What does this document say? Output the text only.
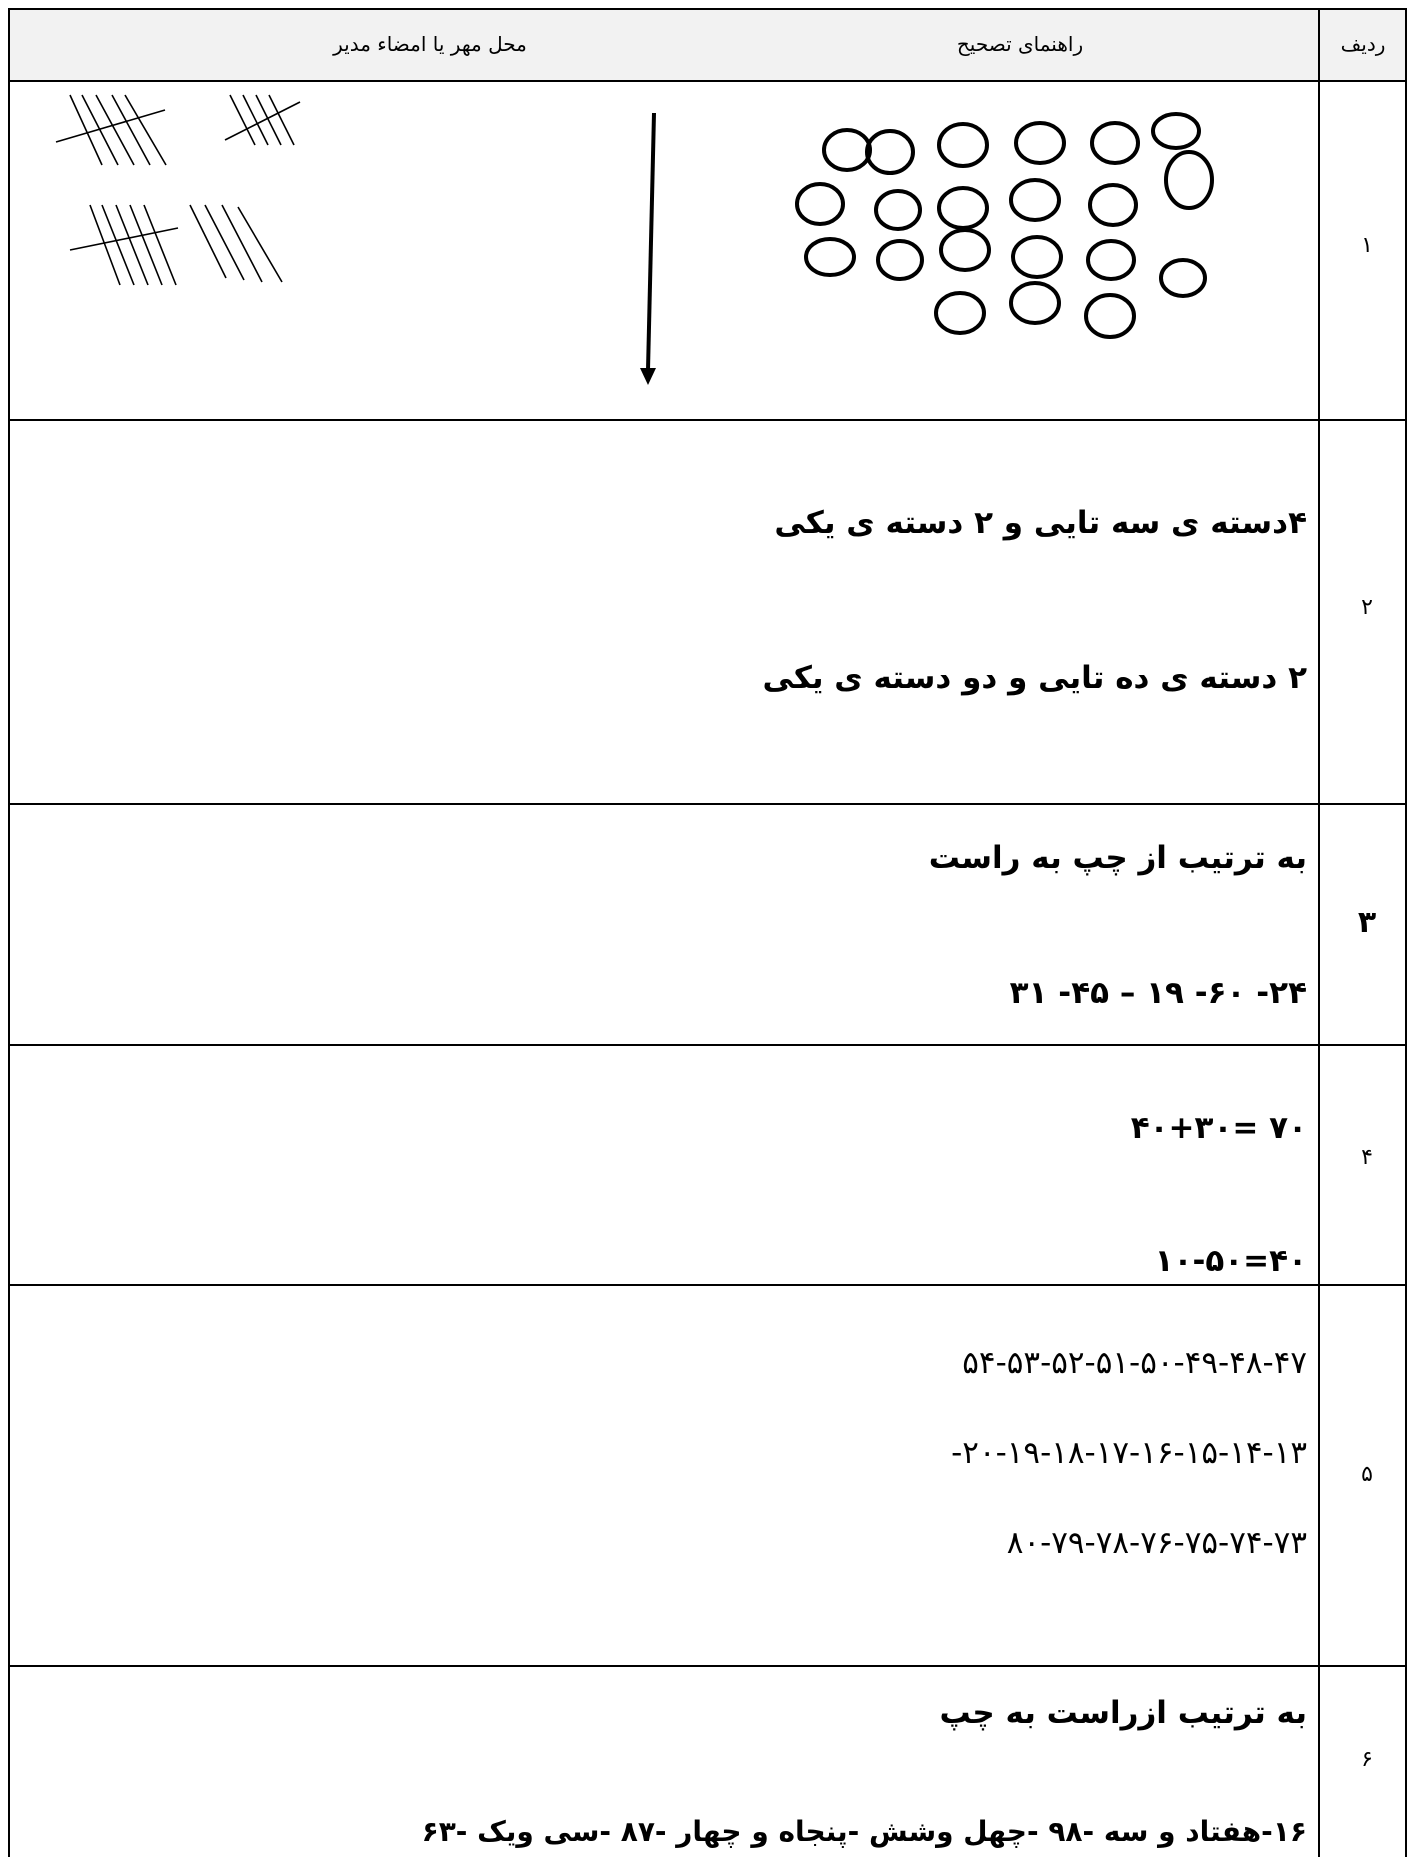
ردیف
راهنمای تصحیح
محل مهر یا امضاء مدیر
۱
۲
۳
۴
۵
۶
۴دسته ی سه تایی و ۲ دسته ی یکی
۲ دسته ی ده تایی و دو دسته ی یکی
به ترتیب از چپ به راست
۲۴- ۶۰- ۱۹ – ۴۵- ۳۱
۴۰+۳۰= ۷۰
۱۰-۵۰=۴۰
۵۴-۵۳-۵۲-۵۱-۵۰-۴۹-۴۸-۴۷
-۲۰-۱۹-۱۸-۱۷-۱۶-۱۵-۱۴-۱۳
۸۰-۷۹-۷۸-۷۶-۷۵-۷۴-۷۳
به ترتیب ازراست به چپ
۱۶-هفتاد و سه -۹۸ -چهل وشش -پنجاه و چهار -۸۷ -سی ویک -۶۳
